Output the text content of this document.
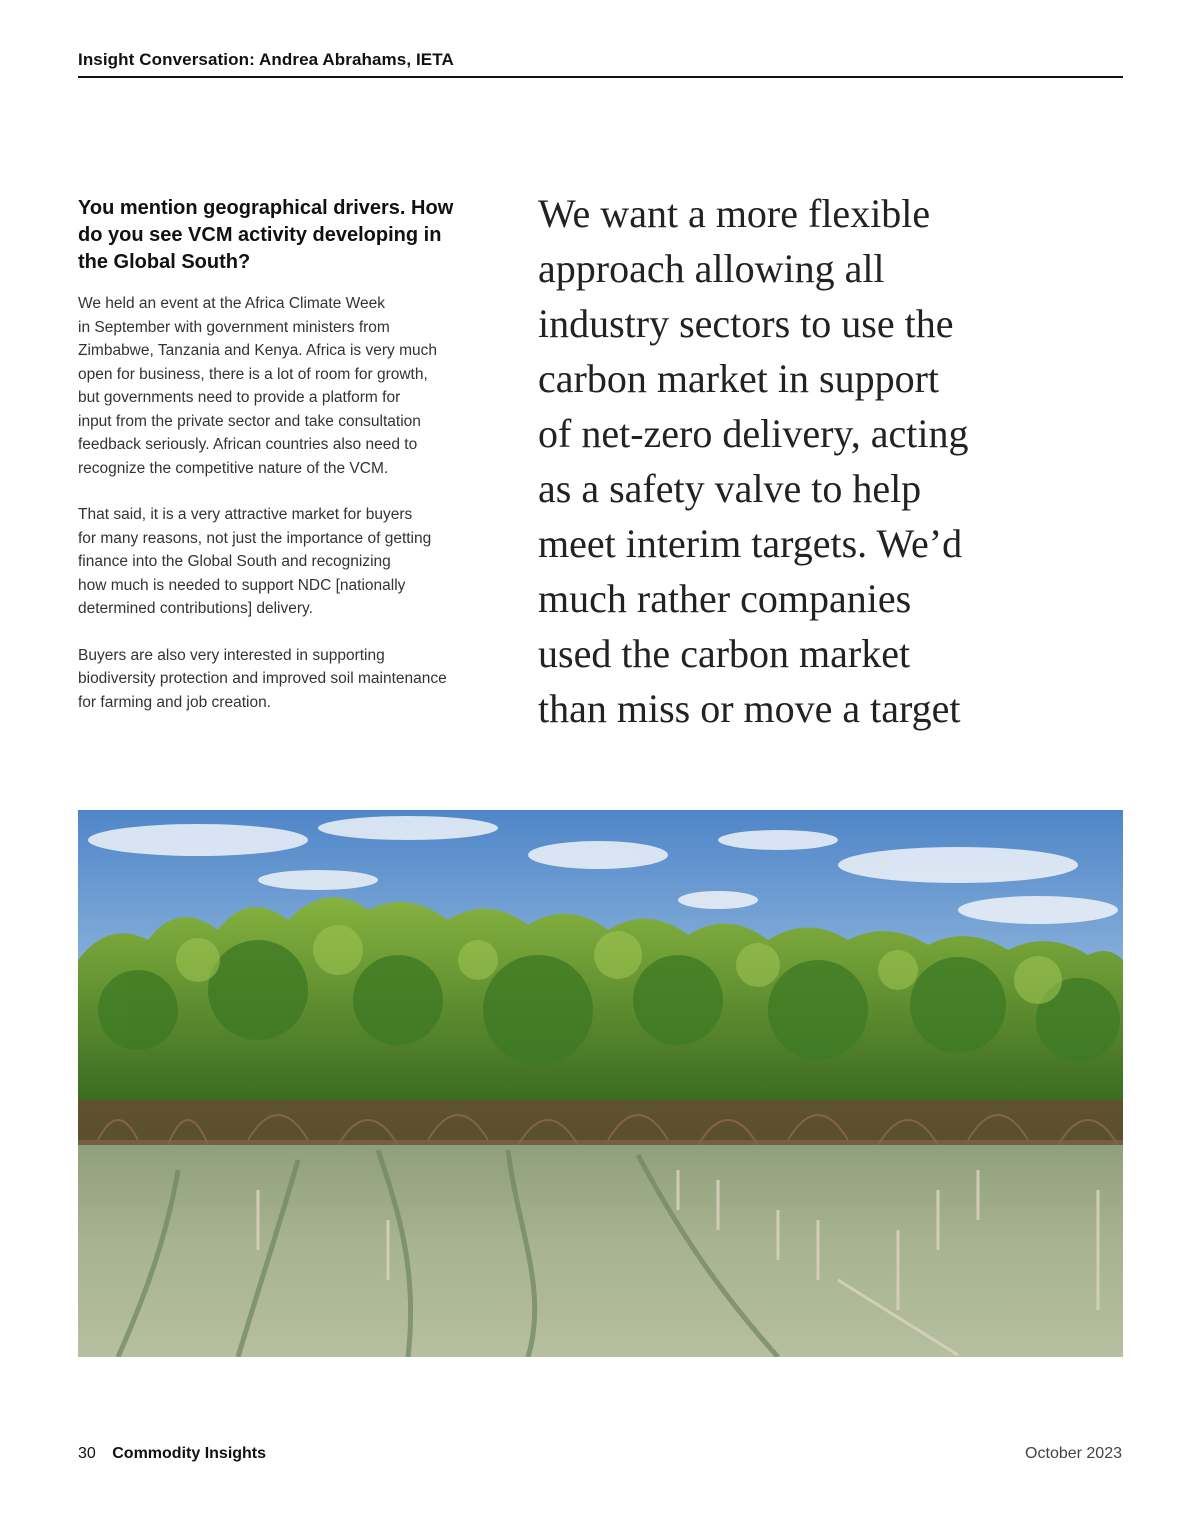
Insight Conversation: Andrea Abrahams, IETA
You mention geographical drivers. How
do you see VCM activity developing in
the Global South?

We held an event at the Africa Climate Week
in September with government ministers from
Zimbabwe, Tanzania and Kenya. Africa is very much
open for business, there is a lot of room for growth,
but governments need to provide a platform for
input from the private sector and take consultation
feedback seriously. African countries also need to
recognize the competitive nature of the VCM.

That said, it is a very attractive market for buyers
for many reasons, not just the importance of getting
finance into the Global South and recognizing
how much is needed to support NDC [nationally
determined contributions] delivery.

Buyers are also very interested in supporting
biodiversity protection and improved soil maintenance
for farming and job creation.

We want a more flexible
approach allowing all
industry sectors to use the
carbon market in support
of net-zero delivery, acting
as a safety valve to help
meet interim targets. We’d
much rather companies
used the carbon market
than miss or move a target
30 Commodity Insights	October 2023
